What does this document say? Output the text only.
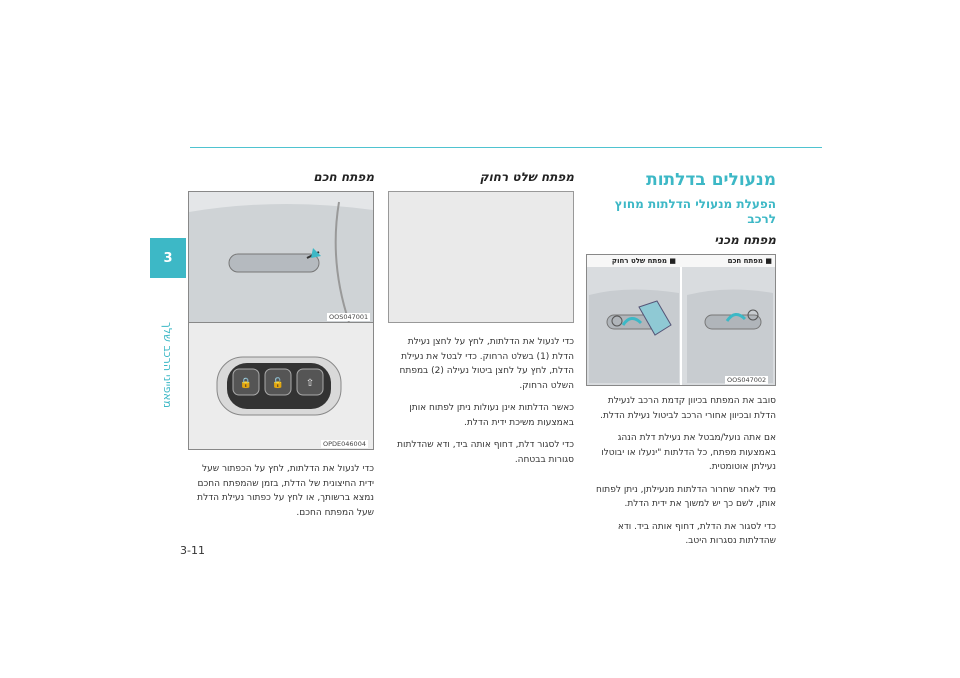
3
מאפייני הרכב שלך
3-11
מנעולים בדלתות
הפעלת מנעולי הדלתות מחוץ לרכב
מפתח מכני
■ מפתח חכם
■ מפתח שלט רחוק
OOS047002

סובב את המפתח בכיוון קדמת הרכב לנעילת הדלת ובכיוון אחורי הרכב לביטול נעילת הדלת.

אם אתה נועל/מבטל את נעילת דלת הנהג באמצעות מפתח, כל הדלתות "ינעלו או יבוטלו נעילתן אוטומטית.

מיד לאחר שחרור הדלתות מנעילתן, ניתן לפתוח אותן, לשם כך יש למשוך את ידית הדלת.

כדי לסגור את הדלת, דחוף אותה ביד. ודא שהדלתות נסגרות היטב.

מפתח שלט רחוק

כדי לנעול את הדלתות, לחץ על לחצן נעילת הדלת (1) בשלט הרחוק. כדי לבטל את נעילת הדלת, לחץ על לחצן ביטול נעילה (2) במפתח השלט הרחוק.

כאשר הדלתות אינן נעולות ניתן לפתוח אותן באמצעות משיכת ידית הדלת.

כדי לסגור דלת, דחוף אותה ביד, ודא שהדלתות סגורות בבטחה.

מפתח חכם
OOS047001
🔒 🔓 ⇧
OPDE046004

כדי לנעול את הדלתות, לחץ על הכפתור שעל ידית החיצונית של הדלת, בזמן שהמפתח החכם נמצא ברשותך, או לחץ על כפתור נעילת הדלת שעל המפתח החכם.
